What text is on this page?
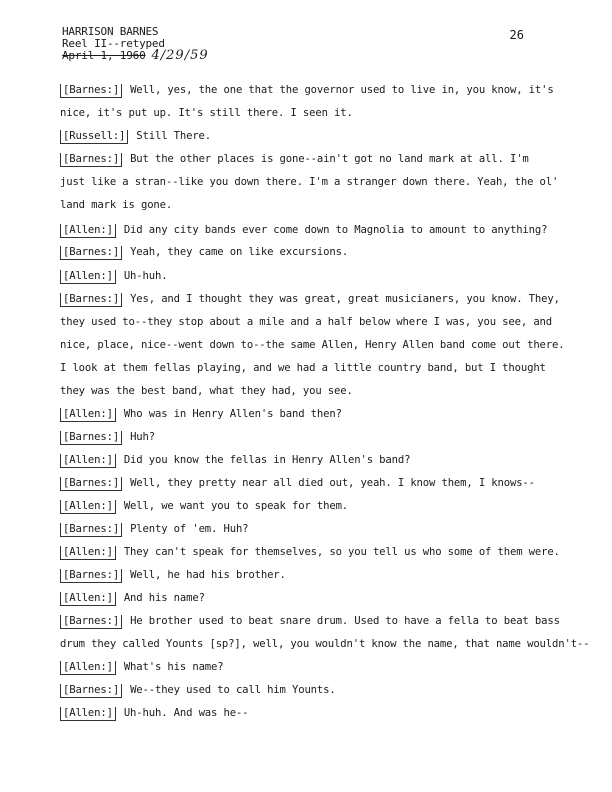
HARRISON BARNES
Reel II--retyped
April 1, 1960 4/29/59
26
[Barnes:] Well, yes, the one that the governor used to live in, you know, it's
nice, it's put up. It's still there. I seen it.
[Russell:] Still There.
[Barnes:] But the other places is gone--ain't got no land mark at all. I'm
just like a stran--like you down there. I'm a stranger down there. Yeah, the ol'
land mark is gone.
[Allen:] Did any city bands ever come down to Magnolia to amount to anything?
[Barnes:] Yeah, they came on like excursions.
[Allen:] Uh-huh.
[Barnes:] Yes, and I thought they was great, great musicianers, you know. They,
they used to--they stop about a mile and a half below where I was, you see, and
nice, place, nice--went down to--the same Allen, Henry Allen band come out there.
I look at them fellas playing, and we had a little country band, but I thought
they was the best band, what they had, you see.
[Allen:] Who was in Henry Allen's band then?
[Barnes:] Huh?
[Allen:] Did you know the fellas in Henry Allen's band?
[Barnes:] Well, they pretty near all died out, yeah. I know them, I knows--
[Allen:] Well, we want you to speak for them.
[Barnes:] Plenty of 'em. Huh?
[Allen:] They can't speak for themselves, so you tell us who some of them were.
[Barnes:] Well, he had his brother.
[Allen:] And his name?
[Barnes:] He brother used to beat snare drum. Used to have a fella to beat bass
drum they called Younts [sp?], well, you wouldn't know the name, that name wouldn't--
[Allen:] What's his name?
[Barnes:] We--they used to call him Younts.
[Allen:] Uh-huh. And was he--
